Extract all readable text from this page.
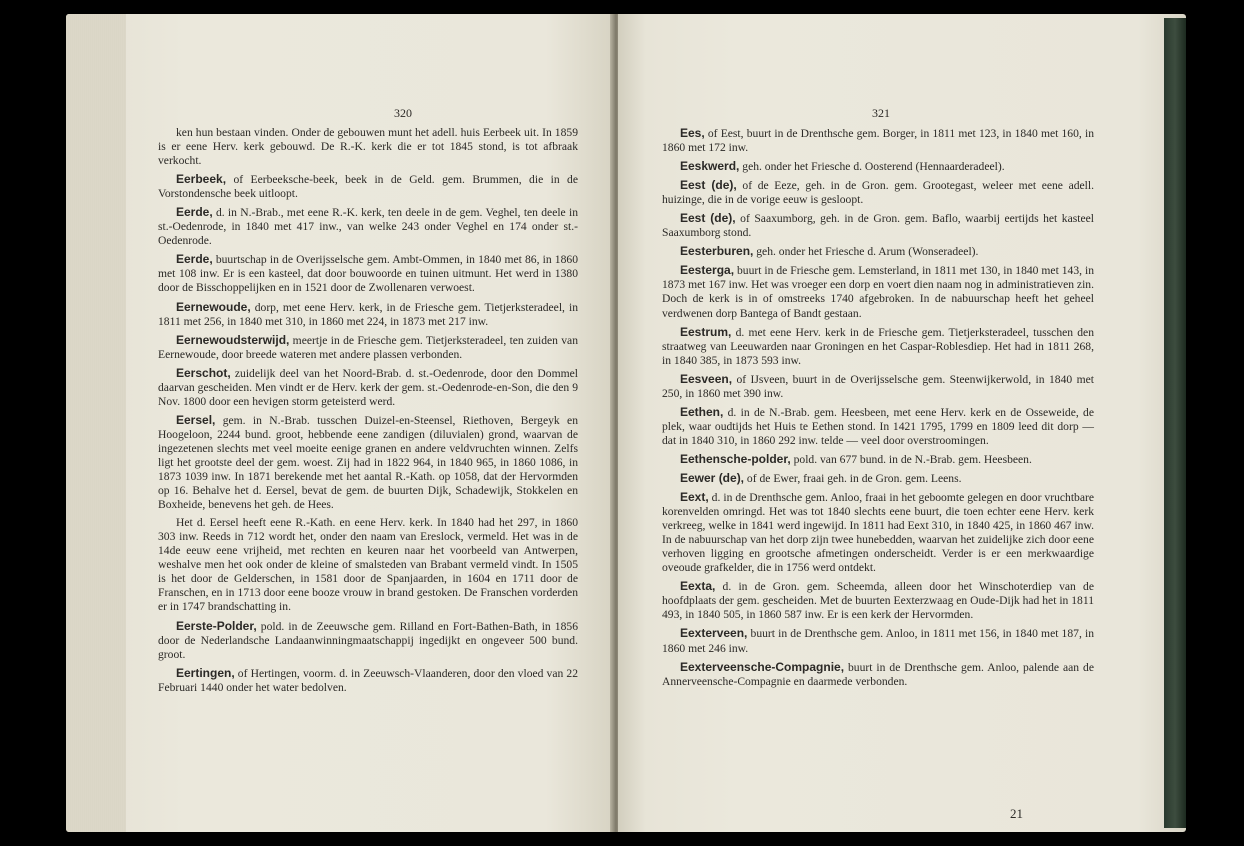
320

ken hun bestaan vinden. Onder de gebouwen munt het adell. huis Eerbeek uit. In 1859 is er eene Herv. kerk gebouwd. De R.-K. kerk die er tot 1845 stond, is tot afbraak verkocht.

Eerbeek, of Eerbeeksche-beek, beek in de Geld. gem. Brummen, die in de Vorstondensche beek uitloopt.

Eerde, d. in N.-Brab., met eene R.-K. kerk, ten deele in de gem. Veghel, ten deele in st.-Oedenrode, in 1840 met 417 inw., van welke 243 onder Veghel en 174 onder st.-Oedenrode.

Eerde, buurtschap in de Overijsselsche gem. Ambt-Ommen, in 1840 met 86, in 1860 met 108 inw. Er is een kasteel, dat door bouwoorde en tuinen uitmunt. Het werd in 1380 door de Bisschoppelijken en in 1521 door de Zwollenaren verwoest.

Eernewoude, dorp, met eene Herv. kerk, in de Friesche gem. Tietjerksteradeel, in 1811 met 256, in 1840 met 310, in 1860 met 224, in 1873 met 217 inw.

Eernewoudsterwijd, meertje in de Friesche gem. Tietjerksteradeel, ten zuiden van Eernewoude, door breede wateren met andere plassen verbonden.

Eerschot, zuidelijk deel van het Noord-Brab. d. st.-Oedenrode, door den Dommel daarvan gescheiden. Men vindt er de Herv. kerk der gem. st.-Oedenrode-en-Son, die den 9 Nov. 1800 door een hevigen storm geteisterd werd.

Eersel, gem. in N.-Brab. tusschen Duizel-en-Steensel, Riethoven, Bergeyk en Hoogeloon, 2244 bund. groot, hebbende eene zandigen (diluvialen) grond, waarvan de ingezetenen slechts met veel moeite eenige granen en andere veldvruchten winnen. Zelfs ligt het grootste deel der gem. woest. Zij had in 1822 964, in 1840 965, in 1860 1086, in 1873 1039 inw. In 1871 berekende met het aantal R.-Kath. op 1058, dat der Hervormden op 16. Behalve het d. Eersel, bevat de gem. de buurten Dijk, Schadewijk, Stokkelen en Boxheide, benevens het geh. de Hees.

Het d. Eersel heeft eene R.-Kath. en eene Herv. kerk. In 1840 had het 297, in 1860 303 inw. Reeds in 712 wordt het, onder den naam van Ereslock, vermeld. Het was in de 14de eeuw eene vrijheid, met rechten en keuren naar het voorbeeld van Antwerpen, weshalve men het ook onder de kleine of smalsteden van Brabant vermeld vindt. In 1505 is het door de Gelderschen, in 1581 door de Spanjaarden, in 1604 en 1711 door de Franschen, en in 1713 door eene booze vrouw in brand gestoken. De Franschen vorderden er in 1747 brandschatting in.

Eerste-Polder, pold. in de Zeeuwsche gem. Rilland en Fort-Bathen-Bath, in 1856 door de Nederlandsche Landaanwinningmaatschappij ingedijkt en ongeveer 500 bund. groot.

Eertingen, of Hertingen, voorm. d. in Zeeuwsch-Vlaanderen, door den vloed van 22 Februari 1440 onder het water bedolven.

321

Ees, of Eest, buurt in de Drenthsche gem. Borger, in 1811 met 123, in 1840 met 160, in 1860 met 172 inw.

Eeskwerd, geh. onder het Friesche d. Oosterend (Hennaarderadeel).

Eest (de), of de Eeze, geh. in de Gron. gem. Grootegast, weleer met eene adell. huizinge, die in de vorige eeuw is gesloopt.

Eest (de), of Saaxumborg, geh. in de Gron. gem. Baflo, waarbij eertijds het kasteel Saaxumborg stond.

Eesterburen, geh. onder het Friesche d. Arum (Wonseradeel).

Eesterga, buurt in de Friesche gem. Lemsterland, in 1811 met 130, in 1840 met 143, in 1873 met 167 inw. Het was vroeger een dorp en voert dien naam nog in administratieven zin. Doch de kerk is in of omstreeks 1740 afgebroken. In de nabuurschap heeft het geheel verdwenen dorp Bantega of Bandt gestaan.

Eestrum, d. met eene Herv. kerk in de Friesche gem. Tietjerksteradeel, tusschen den straatweg van Leeuwarden naar Groningen en het Caspar-Roblesdiep. Het had in 1811 268, in 1840 385, in 1873 593 inw.

Eesveen, of IJsveen, buurt in de Overijsselsche gem. Steenwijkerwold, in 1840 met 250, in 1860 met 390 inw.

Eethen, d. in de N.-Brab. gem. Heesbeen, met eene Herv. kerk en de Osseweide, de plek, waar oudtijds het Huis te Eethen stond. In 1421 1795, 1799 en 1809 leed dit dorp — dat in 1840 310, in 1860 292 inw. telde — veel door overstroomingen.

Eethensche-polder, pold. van 677 bund. in de N.-Brab. gem. Heesbeen.

Eewer (de), of de Ewer, fraai geh. in de Gron. gem. Leens.

Eext, d. in de Drenthsche gem. Anloo, fraai in het geboomte gelegen en door vruchtbare korenvelden omringd. Het was tot 1840 slechts eene buurt, die toen echter eene Herv. kerk verkreeg, welke in 1841 werd ingewijd. In 1811 had Eext 310, in 1840 425, in 1860 467 inw. In de nabuurschap van het dorp zijn twee hunebedden, waarvan het zuidelijke zich door eene verhoven ligging en grootsche afmetingen onderscheidt. Verder is er een merkwaardige oveoude grafkelder, die in 1756 werd ontdekt.

Eexta, d. in de Gron. gem. Scheemda, alleen door het Winschoterdiep van de hoofdplaats der gem. gescheiden. Met de buurten Eexterzwaag en Oude-Dijk had het in 1811 493, in 1840 505, in 1860 587 inw. Er is een kerk der Hervormden.

Eexterveen, buurt in de Drenthsche gem. Anloo, in 1811 met 156, in 1840 met 187, in 1860 met 246 inw.

Eexterveensche-Compagnie, buurt in de Drenthsche gem. Anloo, palende aan de Annerveensche-Compagnie en daarmede verbonden.

21
